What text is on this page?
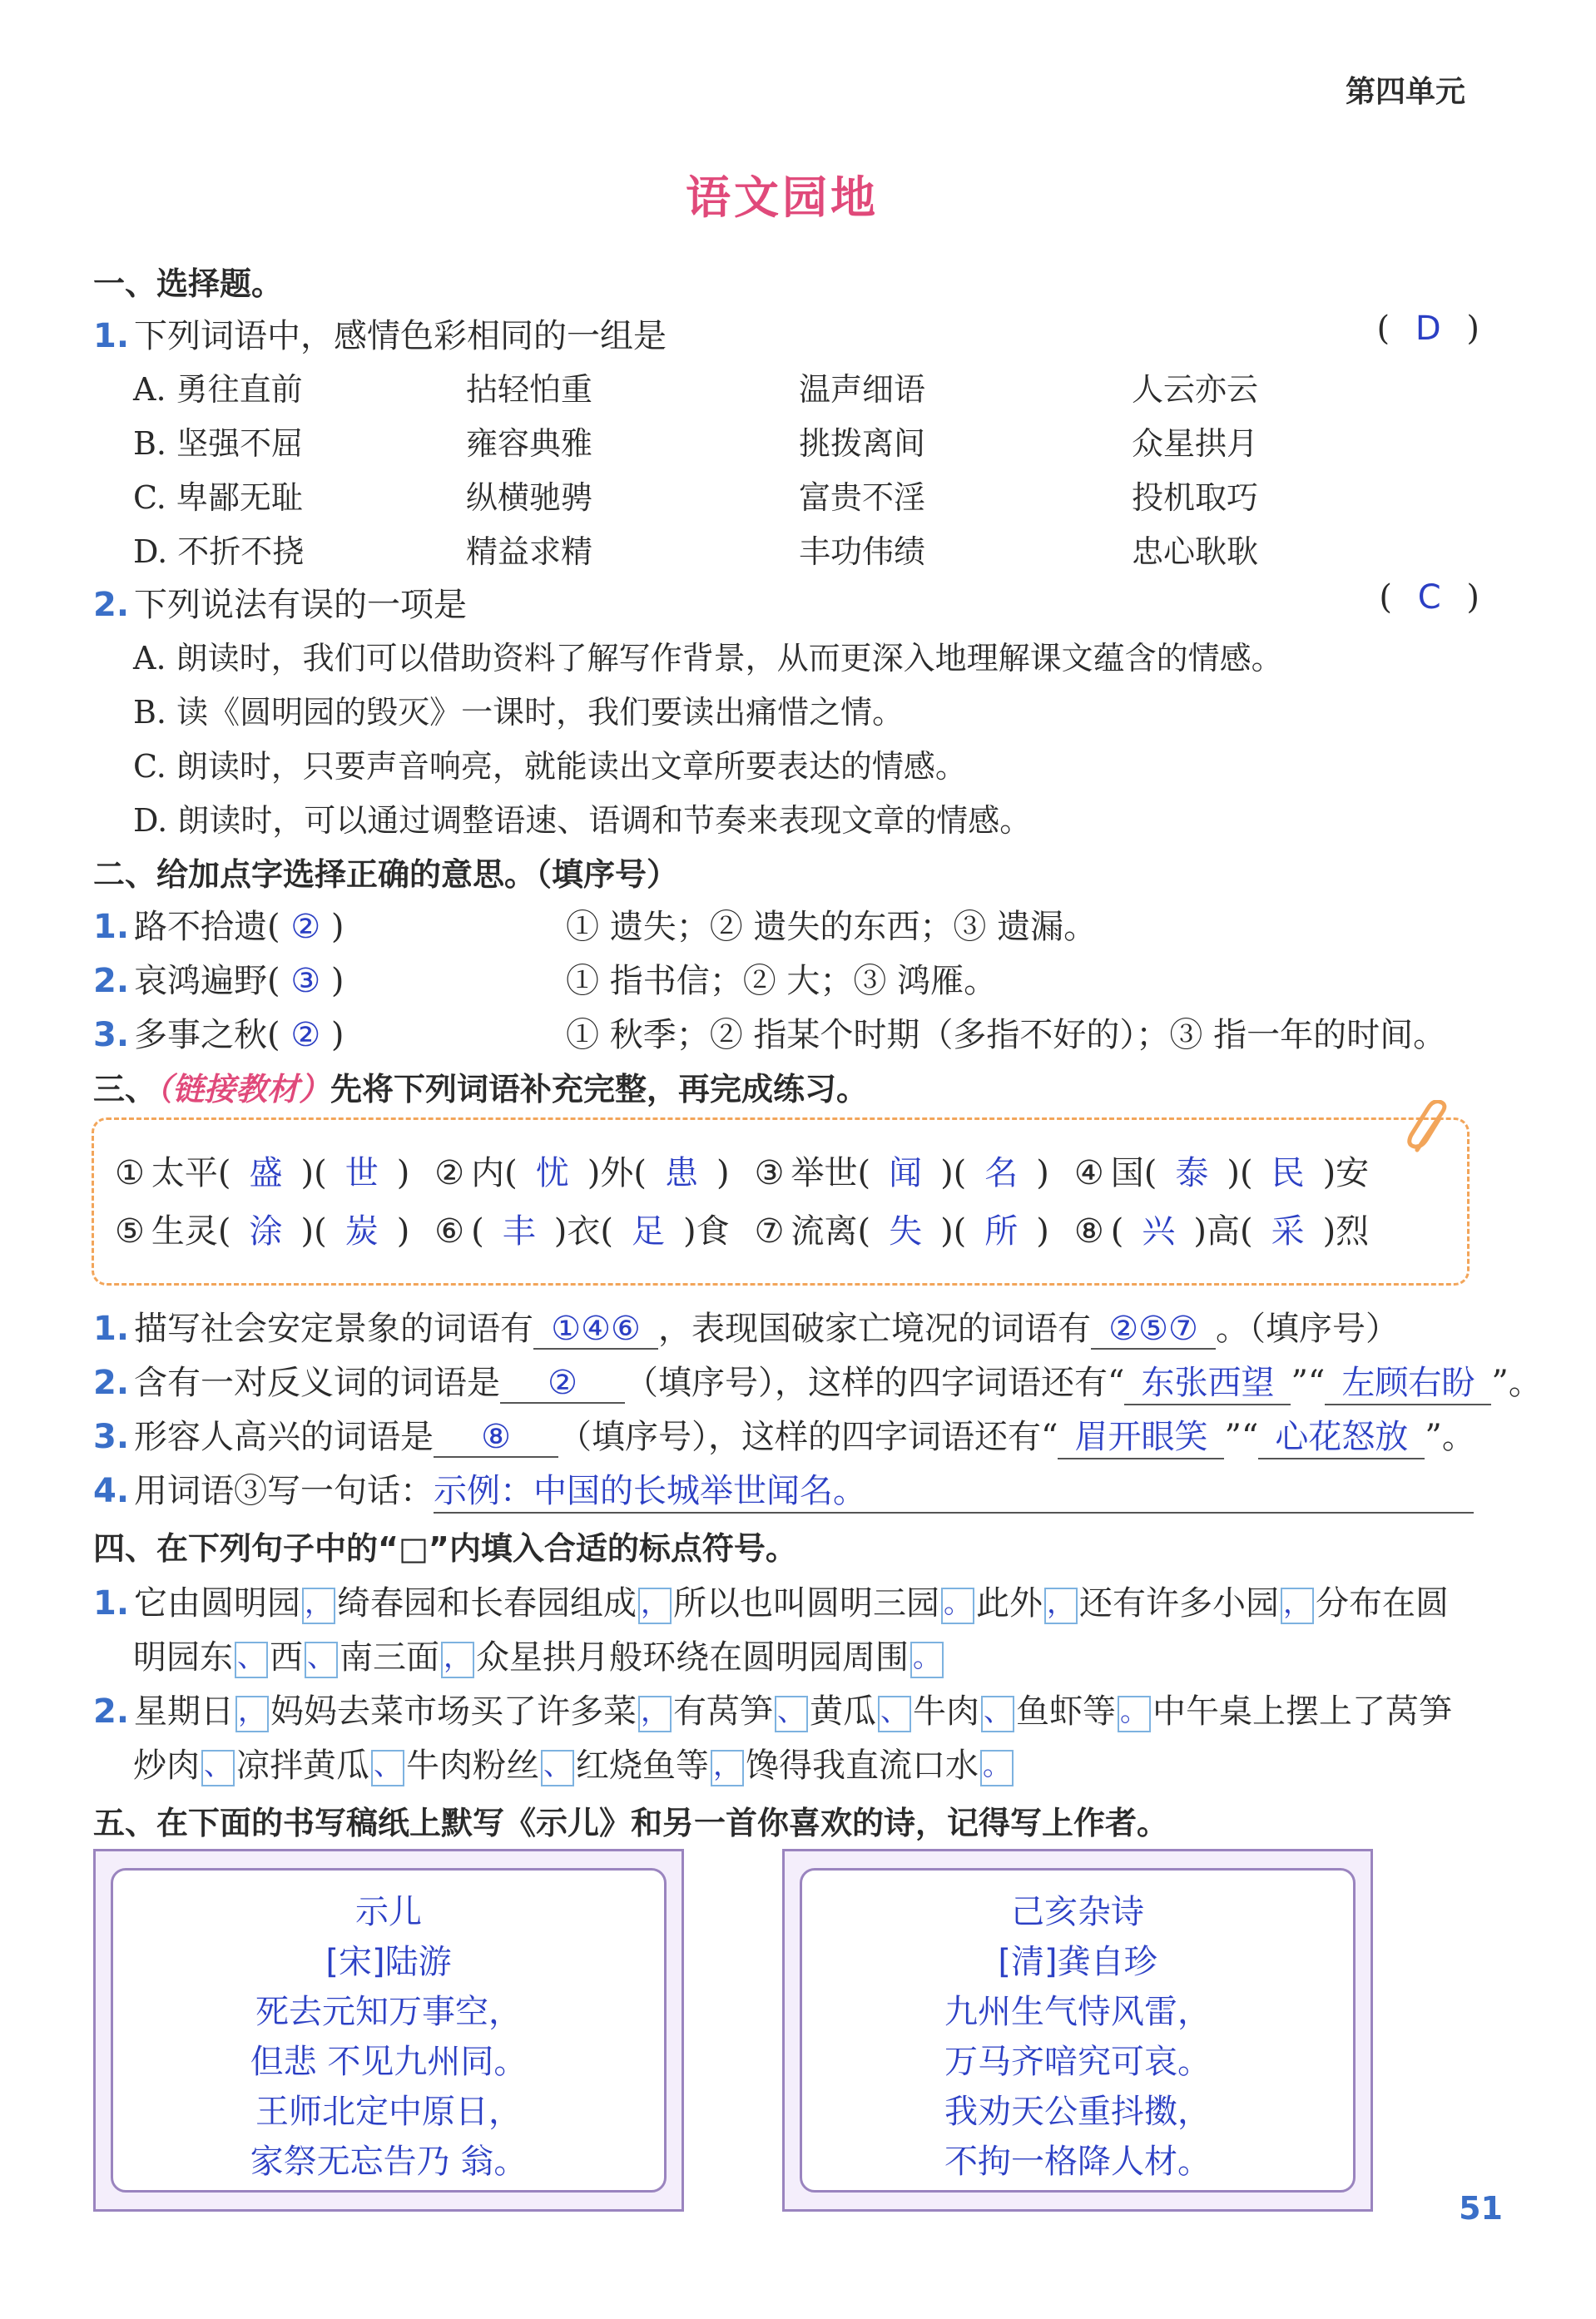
第四单元
语文园地
一、选择题。
1. 下列词语中，感情色彩相同的一组是	( D )
A. 勇往直前	拈轻怕重	温声细语	人云亦云
B. 坚强不屈	雍容典雅	挑拨离间	众星拱月
C. 卑鄙无耻	纵横驰骋	富贵不淫	投机取巧
D. 不折不挠	精益求精	丰功伟绩	忠心耿耿
2. 下列说法有误的一项是	( C )
A. 朗读时，我们可以借助资料了解写作背景，从而更深入地理解课文蕴含的情感。
B. 读《圆明园的毁灭》一课时，我们要读出痛惜之情。
C. 朗读时，只要声音响亮，就能读出文章所要表达的情感。
D. 朗读时，可以通过调整语速、语调和节奏来表现文章的情感。
二、给加点字选择正确的意思。（填序号）
1. 路不拾遗( ② )	① 遗失；② 遗失的东西；③ 遗漏。
2. 哀鸿遍野( ③ )	① 指书信；② 大；③ 鸿雁。
3. 多事之秋( ② )	① 秋季；② 指某个时期（多指不好的）；③ 指一年的时间。
三、（链接教材）先将下列词语补充完整，再完成练习。
① 太平( 盛 )( 世 ) ② 内( 忧 )外( 患 ) ③ 举世( 闻 )( 名 ) ④ 国( 泰 )( 民 )安
⑤ 生灵( 涂 )( 炭 ) ⑥ ( 丰 )衣( 足 )食 ⑦ 流离( 失 )( 所 ) ⑧ ( 兴 )高( 采 )烈
1. 描写社会安定景象的词语有 ①④⑥ ，表现国破家亡境况的词语有 ②⑤⑦ 。（填序号）
2. 含有一对反义词的词语是 ② （填序号），这样的四字词语还有“ 东张西望 ”“ 左顾右盼 ”。
3. 形容人高兴的词语是 ⑧ （填序号），这样的四字词语还有“ 眉开眼笑 ”“ 心花怒放 ”。
4. 用词语③写一句话：示例：中国的长城举世闻名。
四、在下列句子中的“□”内填入合适的标点符号。
1. 它由圆明园 ， 绮春园和长春园组成 ， 所以也叫圆明三园 。 此外 ， 还有许多小园 ， 分布在圆
明园东 、 西 、 南三面 ， 众星拱月般环绕在圆明园周围 。
2. 星期日 ， 妈妈去菜市场买了许多菜 ， 有莴笋 、 黄瓜 、 牛肉 、 鱼虾等 。 中午桌上摆上了莴笋
炒肉 、 凉拌黄瓜 、 牛肉粉丝 、 红烧鱼等 ， 馋得我直流口水 。
五、在下面的书写稿纸上默写《示儿》和另一首你喜欢的诗，记得写上作者。
示儿
[宋]陆游
死去元知万事空，
但悲 不见九州同。
王师北定中原日，
家祭无忘告乃 翁。
己亥杂诗
[清]龚自珍
九州生气恃风雷，
万马齐喑究可哀。
我劝天公重抖擞，
不拘一格降人材。
51
